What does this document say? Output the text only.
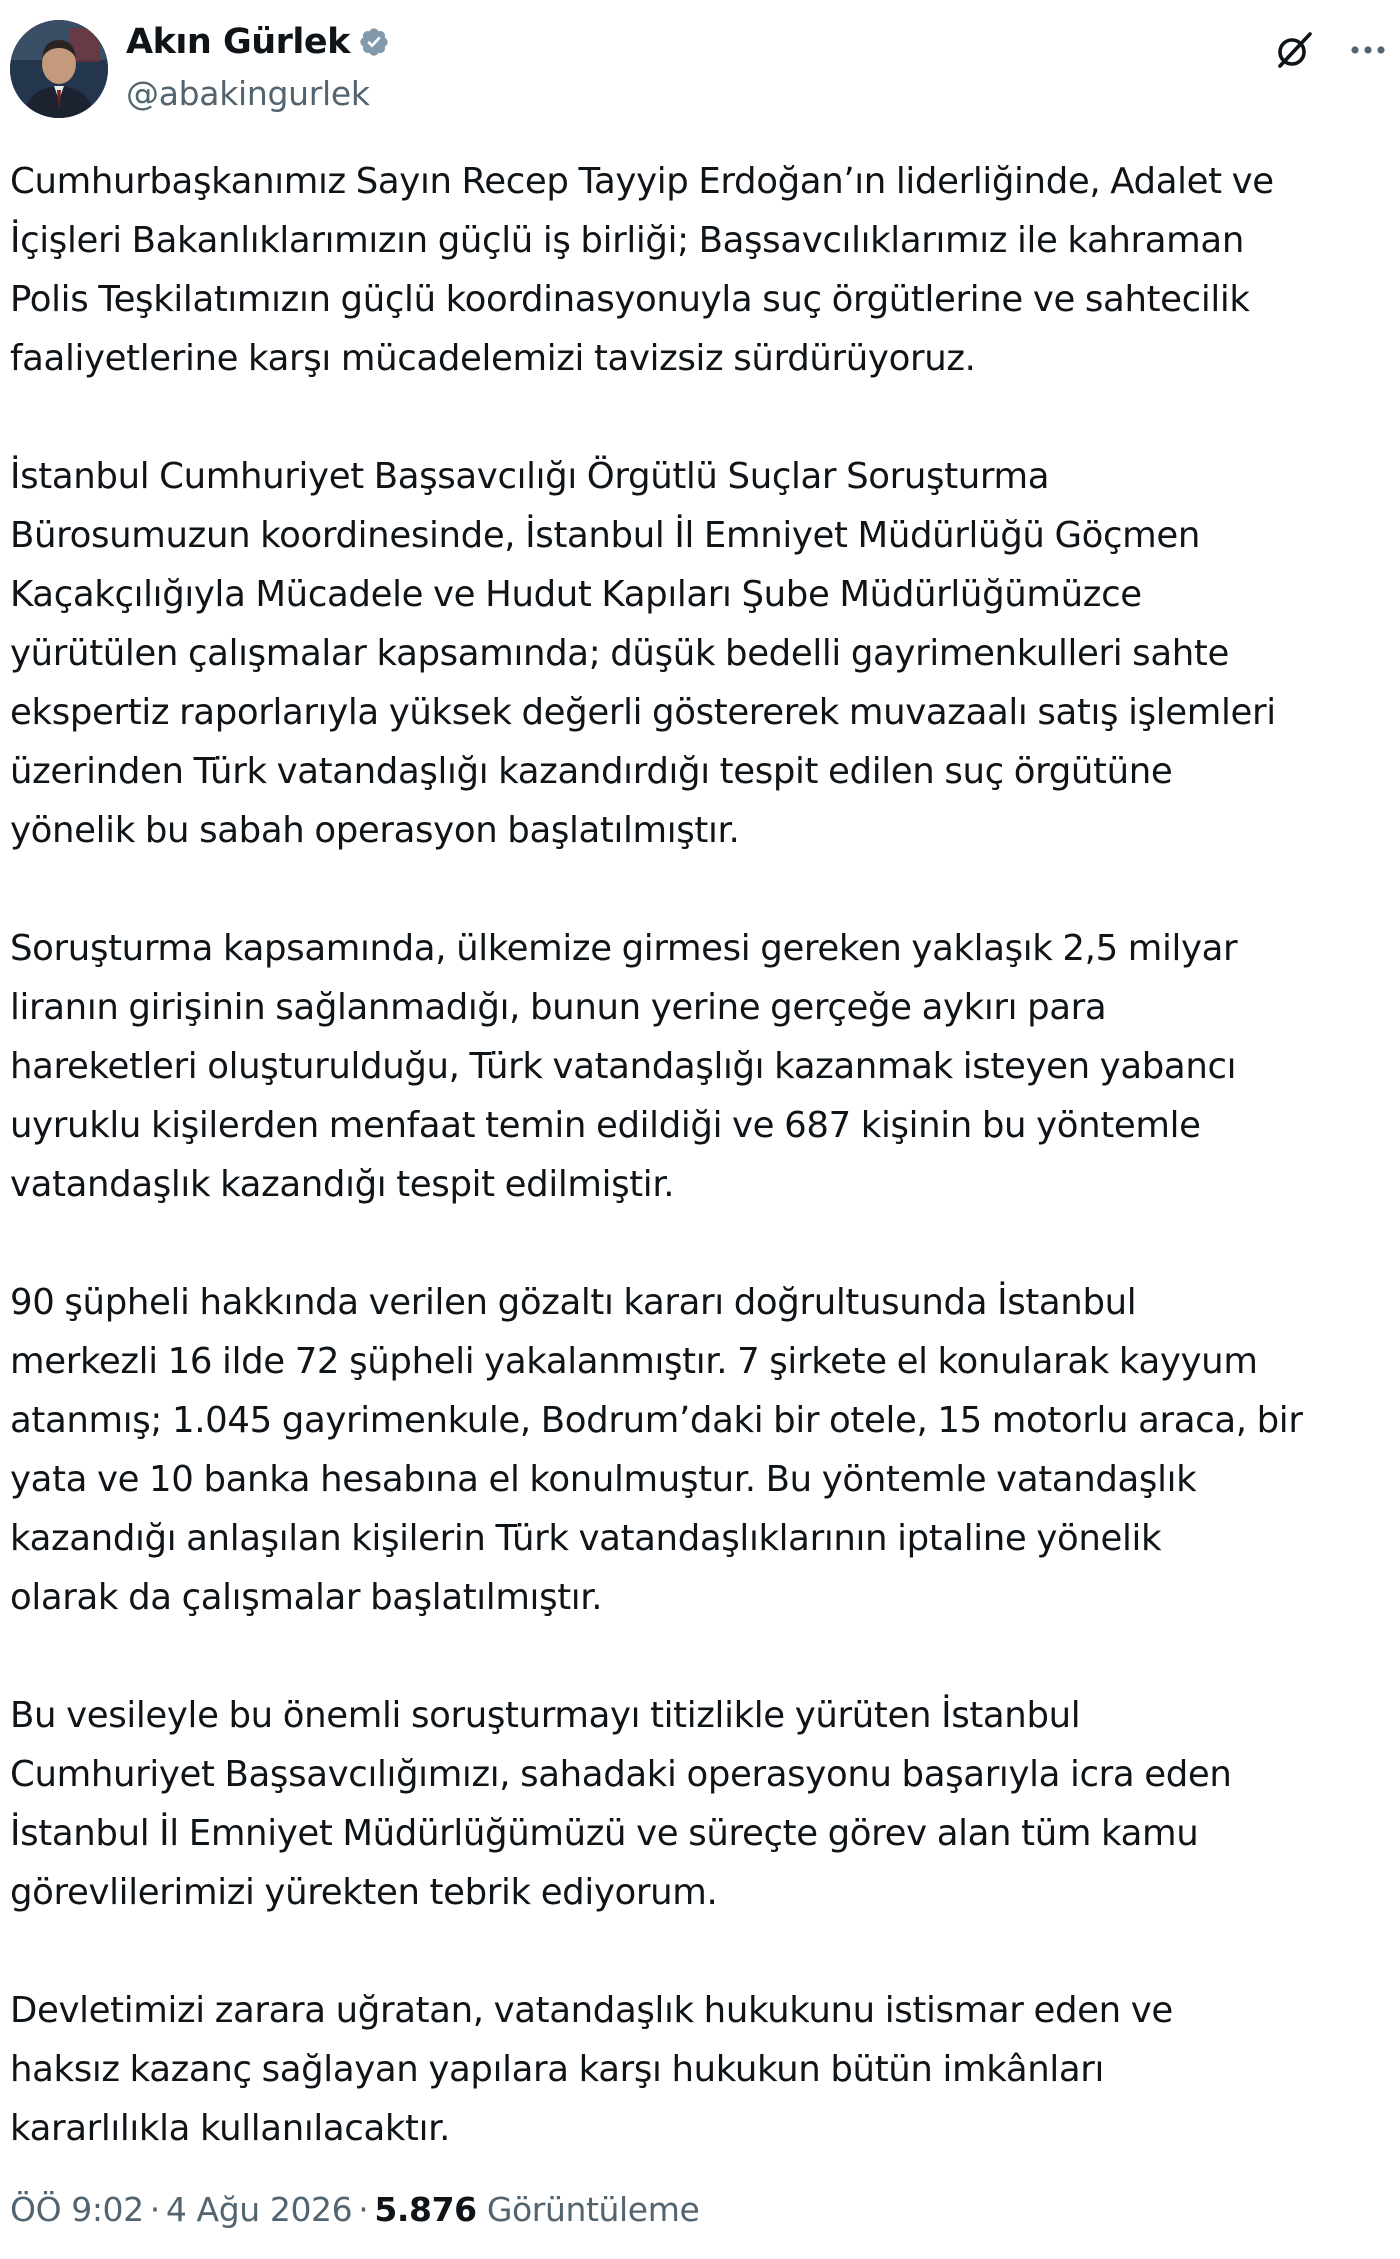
Akın Gürlek
@abakingurlek
Cumhurbaşkanımız Sayın Recep Tayyip Erdoğan’ın liderliğinde, Adalet ve
İçişleri Bakanlıklarımızın güçlü iş birliği; Başsavcılıklarımız ile kahraman
Polis Teşkilatımızın güçlü koordinasyonuyla suç örgütlerine ve sahtecilik
faaliyetlerine karşı mücadelemizi tavizsiz sürdürüyoruz.
İstanbul Cumhuriyet Başsavcılığı Örgütlü Suçlar Soruşturma
Bürosumuzun koordinesinde, İstanbul İl Emniyet Müdürlüğü Göçmen
Kaçakçılığıyla Mücadele ve Hudut Kapıları Şube Müdürlüğümüzce
yürütülen çalışmalar kapsamında; düşük bedelli gayrimenkulleri sahte
ekspertiz raporlarıyla yüksek değerli göstererek muvazaalı satış işlemleri
üzerinden Türk vatandaşlığı kazandırdığı tespit edilen suç örgütüne
yönelik bu sabah operasyon başlatılmıştır.
Soruşturma kapsamında, ülkemize girmesi gereken yaklaşık 2,5 milyar
liranın girişinin sağlanmadığı, bunun yerine gerçeğe aykırı para
hareketleri oluşturulduğu, Türk vatandaşlığı kazanmak isteyen yabancı
uyruklu kişilerden menfaat temin edildiği ve 687 kişinin bu yöntemle
vatandaşlık kazandığı tespit edilmiştir.
90 şüpheli hakkında verilen gözaltı kararı doğrultusunda İstanbul
merkezli 16 ilde 72 şüpheli yakalanmıştır. 7 şirkete el konularak kayyum
atanmış; 1.045 gayrimenkule, Bodrum’daki bir otele, 15 motorlu araca, bir
yata ve 10 banka hesabına el konulmuştur. Bu yöntemle vatandaşlık
kazandığı anlaşılan kişilerin Türk vatandaşlıklarının iptaline yönelik
olarak da çalışmalar başlatılmıştır.
Bu vesileyle bu önemli soruşturmayı titizlikle yürüten İstanbul
Cumhuriyet Başsavcılığımızı, sahadaki operasyonu başarıyla icra eden
İstanbul İl Emniyet Müdürlüğümüzü ve süreçte görev alan tüm kamu
görevlilerimizi yürekten tebrik ediyorum.
Devletimizi zarara uğratan, vatandaşlık hukukunu istismar eden ve
haksız kazanç sağlayan yapılara karşı hukukun bütün imkânları
kararlılıkla kullanılacaktır.
ÖÖ 9:02 · 4 Ağu 2026 · 5.876 Görüntüleme
